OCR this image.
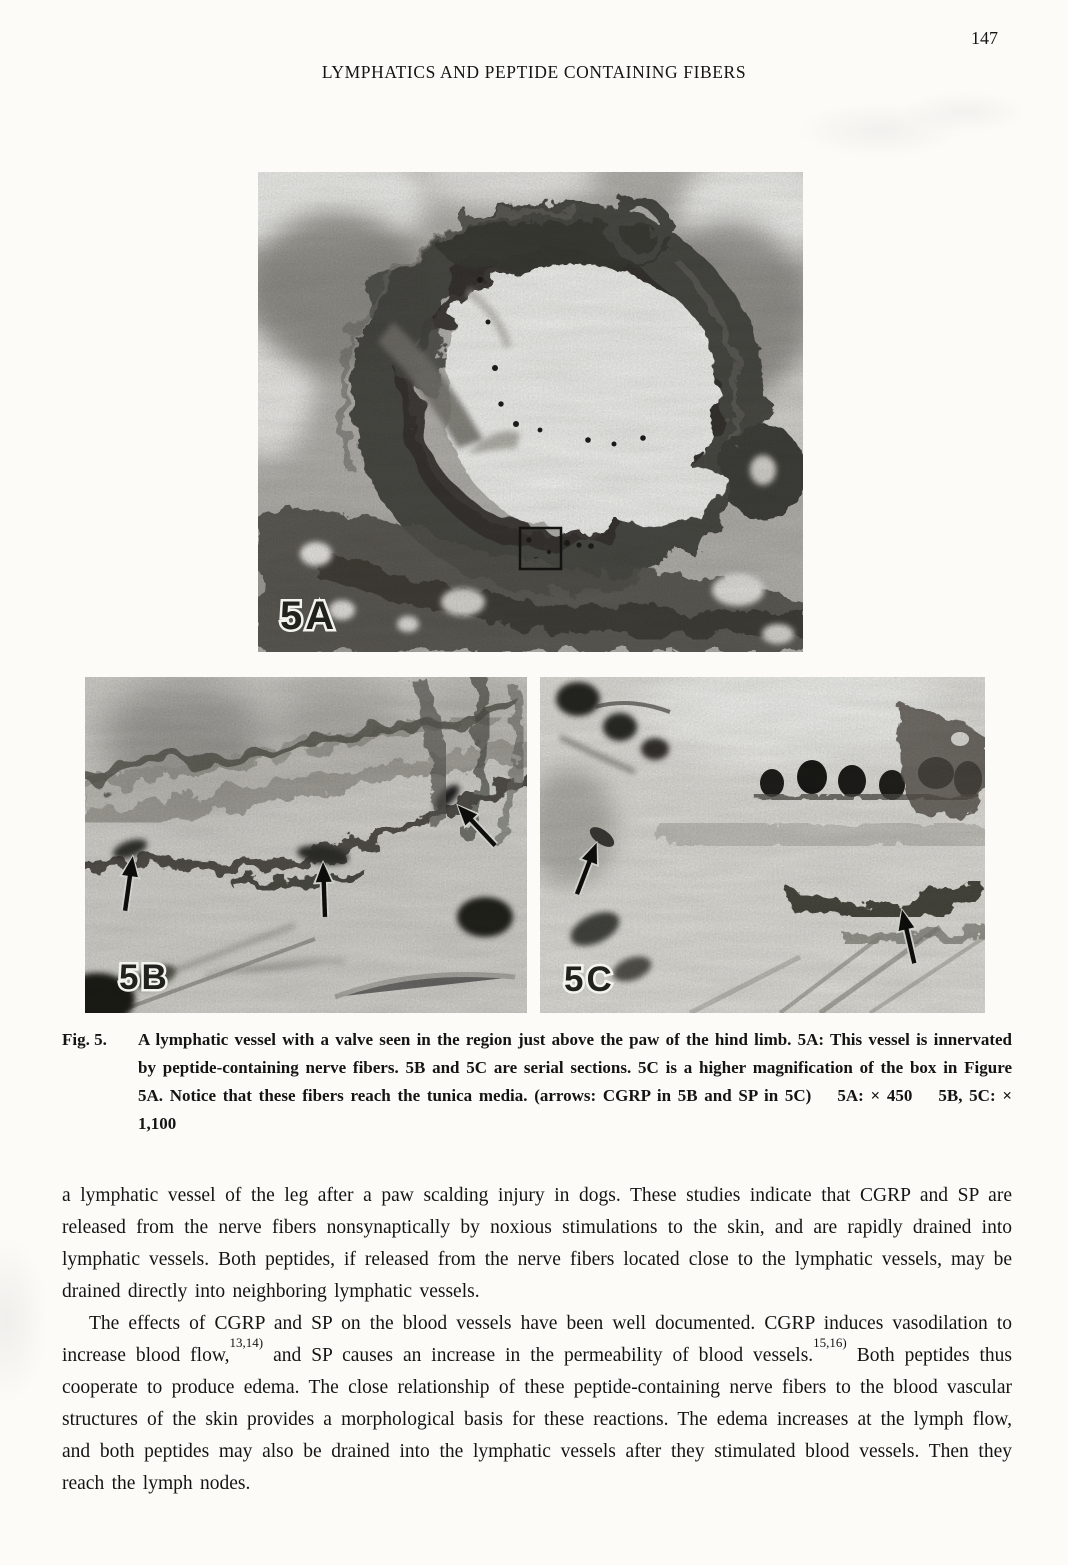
147
LYMPHATICS AND PEPTIDE CONTAINING FIBERS
5A
5B	5C
Fig. 5. A lymphatic vessel with a valve seen in the region just above the paw of the hind limb. 5A: This vessel is innervated by peptide-containing nerve fibers. 5B and 5C are serial sections. 5C is a higher magnification of the box in Figure 5A. Notice that these fibers reach the tunica media. (arrows: CGRP in 5B and SP in 5C) 5A: × 450 5B, 5C: × 1,100

a lymphatic vessel of the leg after a paw scalding injury in dogs. These studies indicate that CGRP and SP are released from the nerve fibers nonsynaptically by noxious stimulations to the skin, and are rapidly drained into lymphatic vessels. Both peptides, if released from the nerve fibers located close to the lymphatic vessels, may be drained directly into neighboring lymphatic vessels.

The effects of CGRP and SP on the blood vessels have been well documented. CGRP induces vasodilation to increase blood flow,$^{13,14)}$ and SP causes an increase in the permeability of blood vessels.$^{15,16)}$ Both peptides thus cooperate to produce edema. The close relationship of these peptide-containing nerve fibers to the blood vascular structures of the skin provides a morphological basis for these reactions. The edema increases at the lymph flow, and both peptides may also be drained into the lymphatic vessels after they stimulated blood vessels. Then they reach the lymph nodes.
